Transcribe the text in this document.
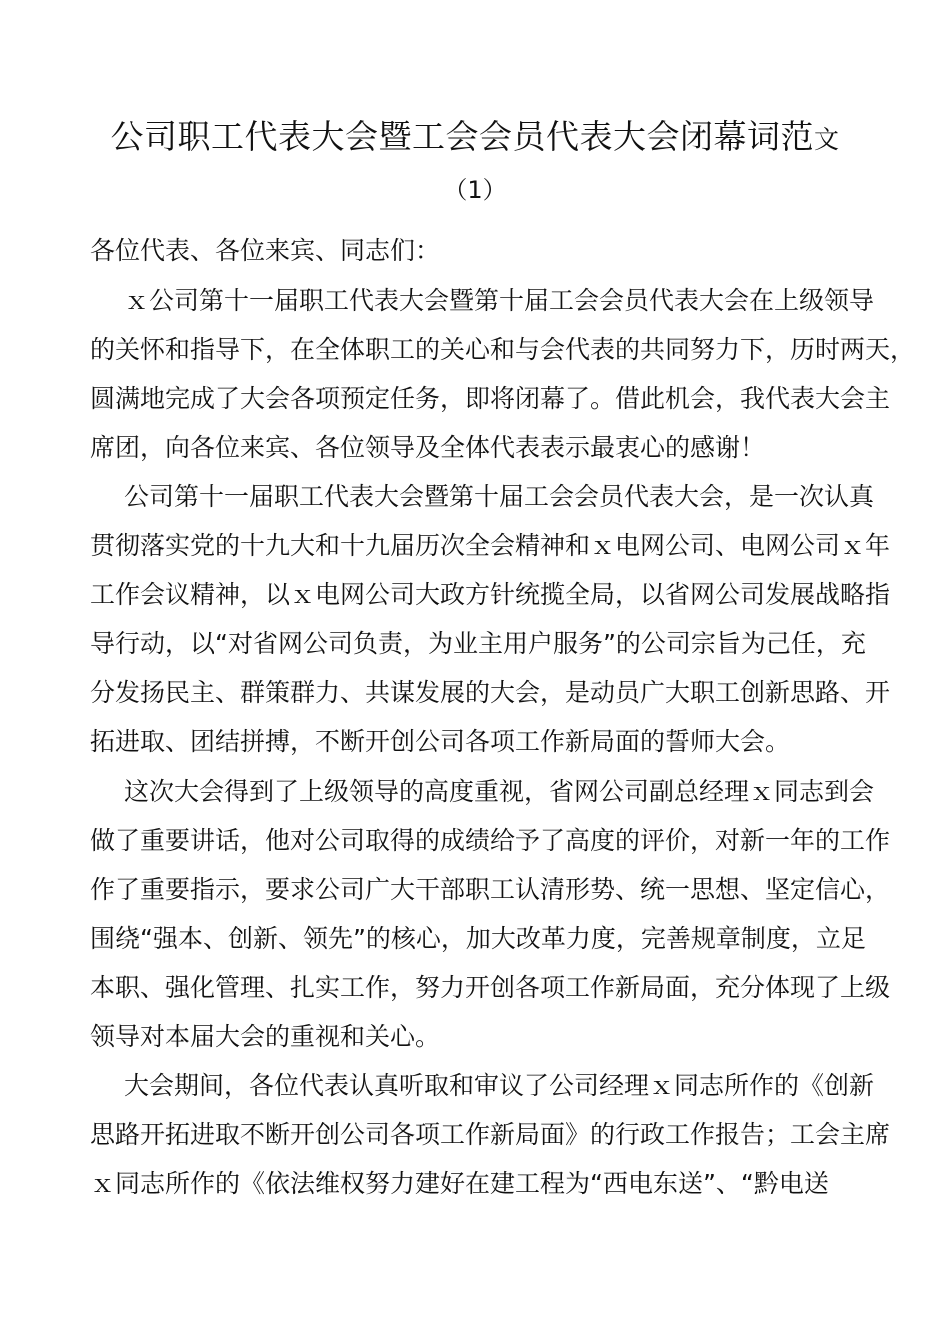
公司职工代表大会暨工会会员代表大会闭幕词范文
（1）
各位代表、各位来宾、同志们：
ｘ公司第十一届职工代表大会暨第十届工会会员代表大会在上级领导
的关怀和指导下，在全体职工的关心和与会代表的共同努力下，历时两天，
圆满地完成了大会各项预定任务，即将闭幕了。借此机会，我代表大会主
席团，向各位来宾、各位领导及全体代表表示最衷心的感谢！
公司第十一届职工代表大会暨第十届工会会员代表大会，是一次认真
贯彻落实党的十九大和十九届历次全会精神和ｘ电网公司、电网公司ｘ年
工作会议精神，以ｘ电网公司大政方针统揽全局，以省网公司发展战略指
导行动，以“对省网公司负责，为业主用户服务”的公司宗旨为己任，充
分发扬民主、群策群力、共谋发展的大会，是动员广大职工创新思路、开
拓进取、团结拼搏，不断开创公司各项工作新局面的誓师大会。
这次大会得到了上级领导的高度重视，省网公司副总经理ｘ同志到会
做了重要讲话，他对公司取得的成绩给予了高度的评价，对新一年的工作
作了重要指示，要求公司广大干部职工认清形势、统一思想、坚定信心，
围绕“强本、创新、领先”的核心，加大改革力度，完善规章制度，立足
本职、强化管理、扎实工作，努力开创各项工作新局面，充分体现了上级
领导对本届大会的重视和关心。
大会期间，各位代表认真听取和审议了公司经理ｘ同志所作的《创新
思路开拓进取不断开创公司各项工作新局面》的行政工作报告；工会主席
ｘ同志所作的《依法维权努力建好在建工程为“西电东送”、“黔电送
